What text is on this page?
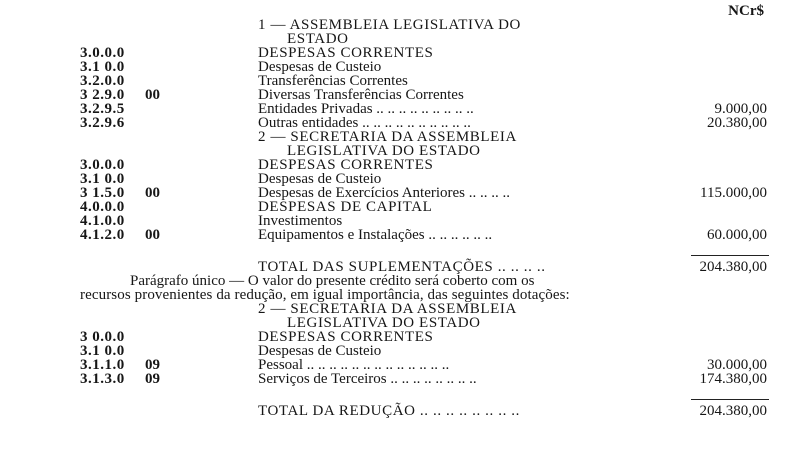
NCr$
1 — ASSEMBLEIA LEGISLATIVA DO
ESTADO
3.0.0.0	DESPESAS CORRENTES
3.1 0.0	Despesas de Custeio
3.2.0.0	Transferências Correntes
3 2.9.0 00	Diversas Transferências Correntes
3.2.9.5	Entidades Privadas .. .. .. .. .. .. .. .. ..	9.000,00
3.2.9.6	Outras entidades .. .. .. .. .. .. .. .. .. ..	20.380,00
2 — SECRETARIA DA ASSEMBLEIA
LEGISLATIVA DO ESTADO
3.0.0.0	DESPESAS CORRENTES
3.1 0.0	Despesas de Custeio
3 1.5.0 00	Despesas de Exercícios Anteriores .. .. .. ..	115.000,00
4.0.0.0	DESPESAS DE CAPITAL
4.1.0.0	Investimentos
4.1.2.0 00	Equipamentos e Instalações .. .. .. .. .. ..	60.000,00
TOTAL DAS SUPLEMENTAÇÕES .. .. .. ..	204.380,00
Parágrafo único — O valor do presente crédito será coberto com os
recursos provenientes da redução, em igual importância, das seguintes dotações:
2 — SECRETARIA DA ASSEMBLEIA
LEGISLATIVA DO ESTADO
3 0.0.0	DESPESAS CORRENTES
3.1 0.0	Despesas de Custeio
3.1.1.0 09	Pessoal .. .. .. .. .. .. .. .. .. .. .. .. ..	30.000,00
3.1.3.0 09	Serviços de Terceiros .. .. .. .. .. .. .. ..	174.380,00
TOTAL DA REDUÇÃO .. .. .. .. .. .. .. ..	204.380,00
